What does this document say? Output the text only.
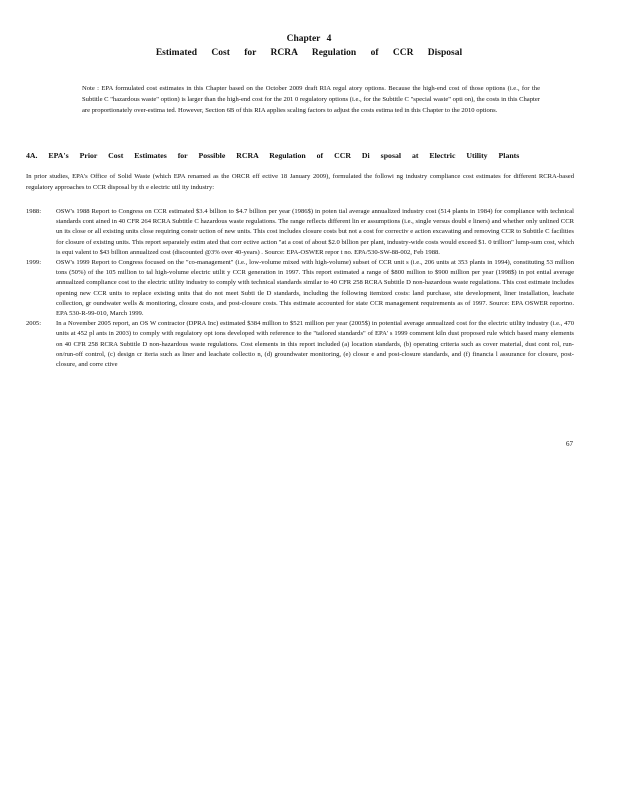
Chapter 4
Estimated Cost for RCRA Regulation of CCR Disposal
Note : EPA formulated cost estimates in this Chapter based on the October 2009 draft RIA regul atory options. Because the high-end cost of those options (i.e., for the Subtitle C "hazardous waste" option) is larger than the high-end cost for the 201 0 regulatory options (i.e., for the Subtitle C "special waste" opti on), the costs in this Chapter are proportionately over-estima ted. However, Section 6B of this RIA applies scaling factors to adjust the costs estima ted in this Chapter to the 2010 options.
4A. EPA's Prior Cost Estimates for Possible RCRA Regulation of CCR Di sposal at Electric Utility Plants
In prior studies, EPA's Office of Solid Waste (which EPA renamed as the ORCR eff ective 18 January 2009), formulated the followi ng industry compliance cost estimates for different RCRA-based regulatory approaches to CCR disposal by th e electric util ity industry:
1988:	OSW's 1988 Report to Congress on CCR estimated $3.4 billion to $4.7 billion per year (1986$) in poten tial average annualized industry cost (514 plants in 1984) for compliance with technical standards cont ained in 40 CFR 264 RCRA Subtitle C hazardous waste regulations. The range reflects different lin er assumptions (i.e., single versus doubl e liners) and whether only unlined CCR un its close or all existing units close requiring constr uction of new units. This cost includes closure costs but not a cost for correctiv e action excavating and removing CCR to Subtitle C facilities for closure of existing units. This report separately estim ated that corr ective action "at a cost of about $2.0 billion per plant, industry-wide costs would exceed $1. 0 trillion" lump-sum cost, which is equi valent to $43 billion annualized cost (discounted @3% over 40-years) . Source: EPA-OSWER repor t no. EPA/530-SW-88-002, Feb 1988.
1999:	OSW's 1999 Report to Congress focused on the "co-management" (i.e., low-volume mixed with high-volume) subset of CCR unit s (i.e., 206 units at 353 plants in 1994), constituting 53 million tons (50%) of the 105 million to tal high-volume electric utilit y CCR generation in 1997. This report estimated a range of $800 million to $900 million per year (1998$) in pot ential average annualized compliance cost to the electric utility industry to comply with technical standards similar to 40 CFR 258 RCRA Subtitle D non-hazardous waste regulations. This cost estimate includes opening new CCR units to replace existing units that do not meet Subti tle D standards, including the following itemized costs: land purchase, site development, liner installation, leachate collection, gr oundwater wells & monitoring, closure costs, and post-closure costs. This estimate accounted for state CCR management requirements as of 1997. Source: EPA OSWER reportno. EPA 530-R-99-010, March 1999.
2005:	In a November 2005 report, an OS W contractor (DPRA Inc) estimated $384 million to $521 million per year (2005$) in potential average annualized cost for the electric utility industry (i.e., 470 units at 452 pl ants in 2003) to comply with regulatory opt ions developed with reference to the "tailored standards" of EPA' s 1999 comment kiln dust proposed rule which based many elements on 40 CFR 258 RCRA Subtitle D non-hazardous waste regulations. Cost elements in this report included (a) location standards, (b) operating criteria such as cover material, dust cont rol, run-on/run-off control, (c) design cr iteria such as liner and leachate collectio n, (d) groundwater monitoring, (e) closur e and post-closure standards, and (f) financia l assurance for closure, post-closure, and corre ctive
67
